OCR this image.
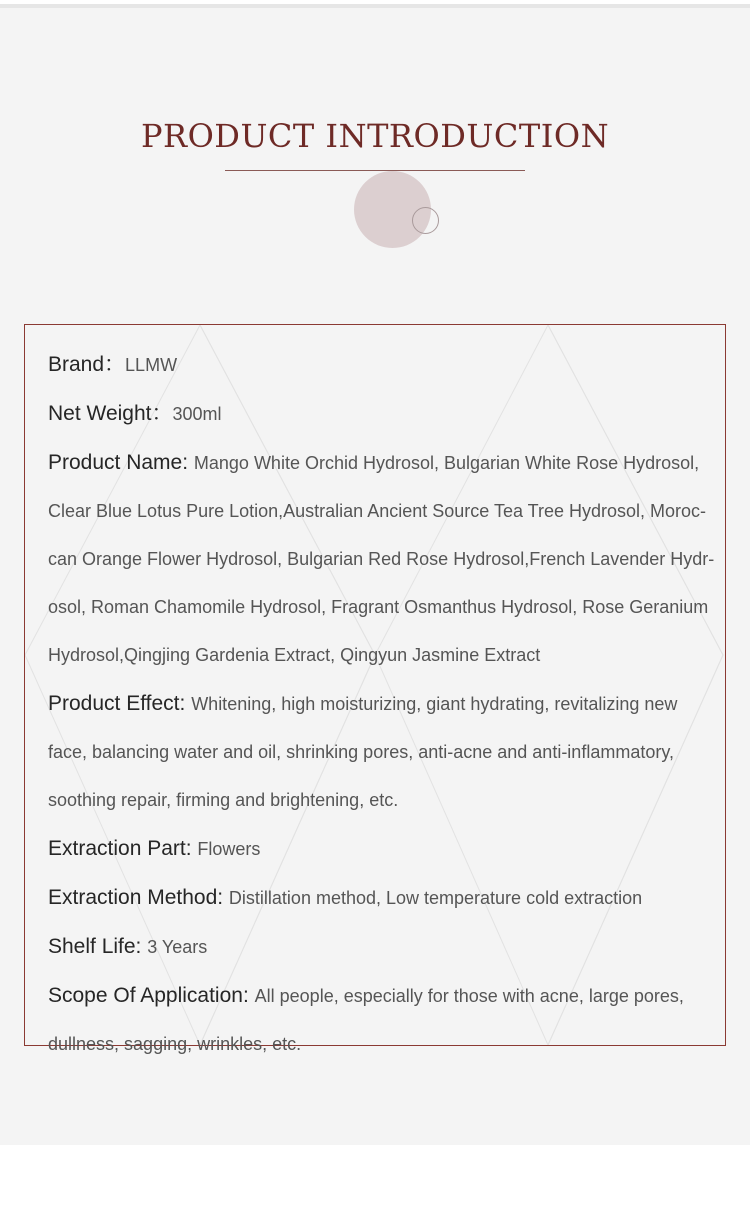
PRODUCT INTRODUCTION
Brand：LLMW
Net Weight：300ml
Product Name: Mango White Orchid Hydrosol, Bulgarian White Rose Hydrosol, Clear Blue Lotus Pure Lotion,Australian Ancient Source Tea Tree Hydrosol, Moroc-can Orange Flower Hydrosol, Bulgarian Red Rose Hydrosol,French Lavender Hydr-osol, Roman Chamomile Hydrosol, Fragrant Osmanthus Hydrosol, Rose Geranium Hydrosol,Qingjing Gardenia Extract, Qingyun Jasmine Extract
Product Effect: Whitening, high moisturizing, giant hydrating, revitalizing new face, balancing water and oil, shrinking pores, anti-acne and anti-inflammatory, soothing repair, firming and brightening, etc.
Extraction Part: Flowers
Extraction Method: Distillation method, Low temperature cold extraction
Shelf Life: 3 Years
Scope Of Application: All people, especially for those with acne, large pores, dullness, sagging, wrinkles, etc.
